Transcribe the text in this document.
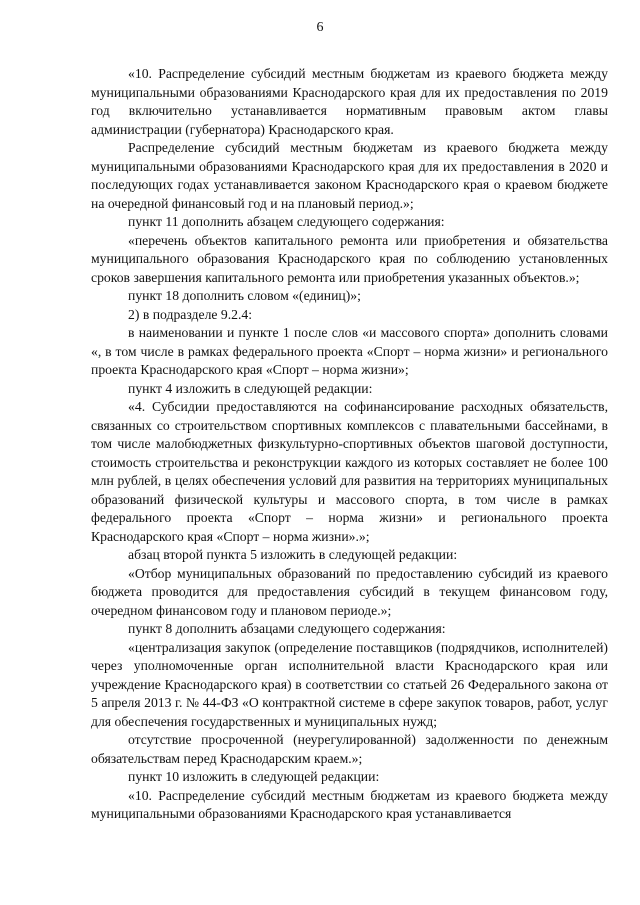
6

«10. Распределение субсидий местным бюджетам из краевого бюджета между муниципальными образованиями Краснодарского края для их предоставления по 2019 год включительно устанавливается нормативным правовым актом главы администрации (губернатора) Краснодарского края.

Распределение субсидий местным бюджетам из краевого бюджета между муниципальными образованиями Краснодарского края для их предоставления в 2020 и последующих годах устанавливается законом Краснодарского края о краевом бюджете на очередной финансовый год и на плановый период.»;

пункт 11 дополнить абзацем следующего содержания:

«перечень объектов капитального ремонта или приобретения и обязательства муниципального образования Краснодарского края по соблюдению установленных сроков завершения капитального ремонта или приобретения указанных объектов.»;

пункт 18 дополнить словом «(единиц)»;

2) в подразделе 9.2.4:

в наименовании и пункте 1 после слов «и массового спорта» дополнить словами «, в том числе в рамках федерального проекта «Спорт – норма жизни» и регионального проекта Краснодарского края «Спорт – норма жизни»;

пункт 4 изложить в следующей редакции:

«4. Субсидии предоставляются на софинансирование расходных обязательств, связанных со строительством спортивных комплексов с плавательными бассейнами, в том числе малобюджетных физкультурно-спортивных объектов шаговой доступности, стоимость строительства и реконструкции каждого из которых составляет не более 100 млн рублей, в целях обеспечения условий для развития на территориях муниципальных образований физической культуры и массового спорта, в том числе в рамках федерального проекта «Спорт – норма жизни» и регионального проекта Краснодарского края «Спорт – норма жизни».»;

абзац второй пункта 5 изложить в следующей редакции:

«Отбор муниципальных образований по предоставлению субсидий из краевого бюджета проводится для предоставления субсидий в текущем финансовом году, очередном финансовом году и плановом периоде.»;

пункт 8 дополнить абзацами следующего содержания:

«централизация закупок (определение поставщиков (подрядчиков, исполнителей) через уполномоченные орган исполнительной власти Краснодарского края или учреждение Краснодарского края) в соответствии со статьей 26 Федерального закона от 5 апреля 2013 г. № 44-ФЗ «О контрактной системе в сфере закупок товаров, работ, услуг для обеспечения государственных и муниципальных нужд;

отсутствие просроченной (неурегулированной) задолженности по денежным обязательствам перед Краснодарским краем.»;

пункт 10 изложить в следующей редакции:

«10. Распределение субсидий местным бюджетам из краевого бюджета между муниципальными образованиями Краснодарского края устанавливается
